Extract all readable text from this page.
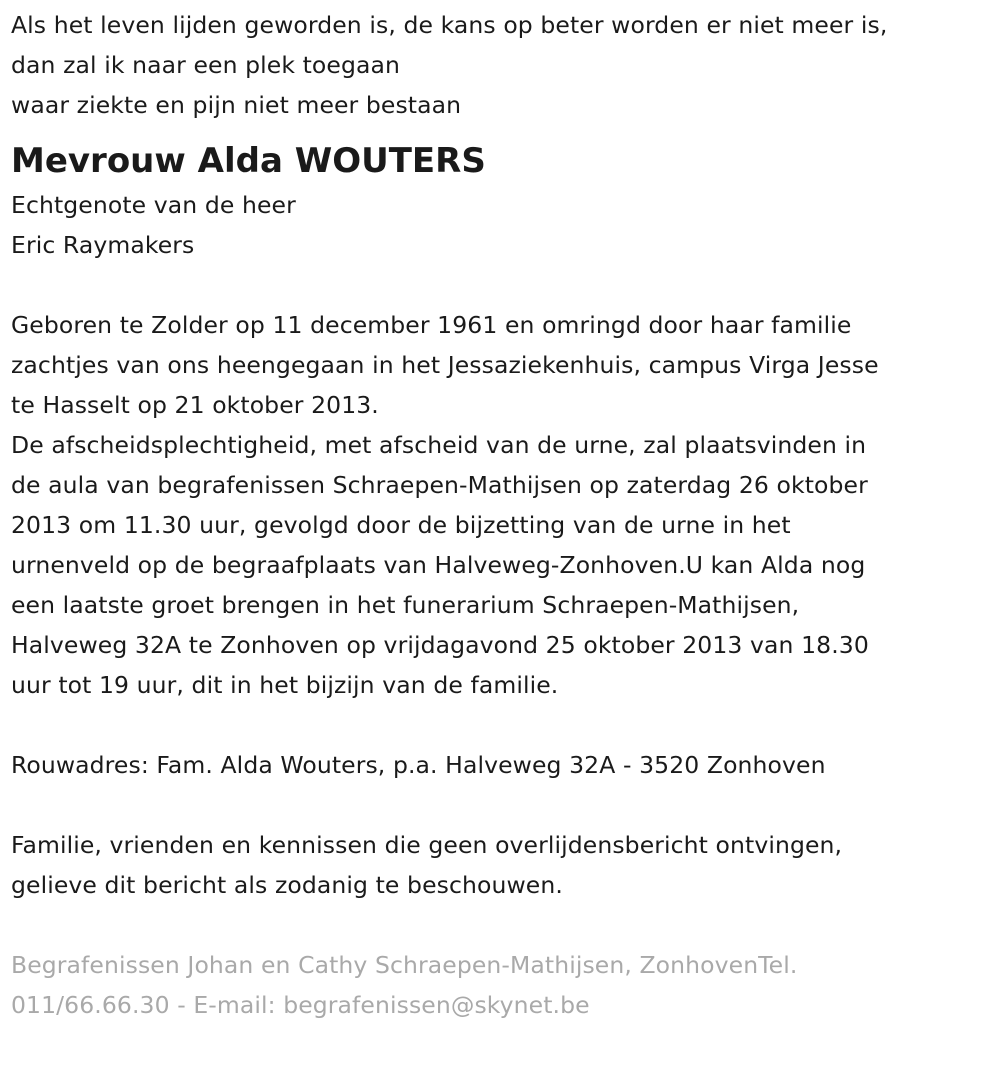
Als het leven lijden geworden is, de kans op beter worden er niet meer is,
dan zal ik naar een plek toegaan
waar ziekte en pijn niet meer bestaan
Mevrouw Alda WOUTERS
Echtgenote van de heer
Eric Raymakers
Geboren te Zolder op 11 december 1961 en omringd door haar familie
zachtjes van ons heengegaan in het Jessaziekenhuis, campus Virga Jesse
te Hasselt op 21 oktober 2013.
De afscheidsplechtigheid, met afscheid van de urne, zal plaatsvinden in
de aula van begrafenissen Schraepen-Mathijsen op zaterdag 26 oktober
2013 om 11.30 uur, gevolgd door de bijzetting van de urne in het
urnenveld op de begraafplaats van Halveweg-Zonhoven.U kan Alda nog
een laatste groet brengen in het funerarium Schraepen-Mathijsen,
Halveweg 32A te Zonhoven op vrijdagavond 25 oktober 2013 van 18.30
uur tot 19 uur, dit in het bijzijn van de familie.
Rouwadres: Fam. Alda Wouters, p.a. Halveweg 32A - 3520 Zonhoven
Familie, vrienden en kennissen die geen overlijdensbericht ontvingen,
gelieve dit bericht als zodanig te beschouwen.
Begrafenissen Johan en Cathy Schraepen-Mathijsen, ZonhovenTel.
011/66.66.30 - E-mail: begrafenissen@skynet.be
